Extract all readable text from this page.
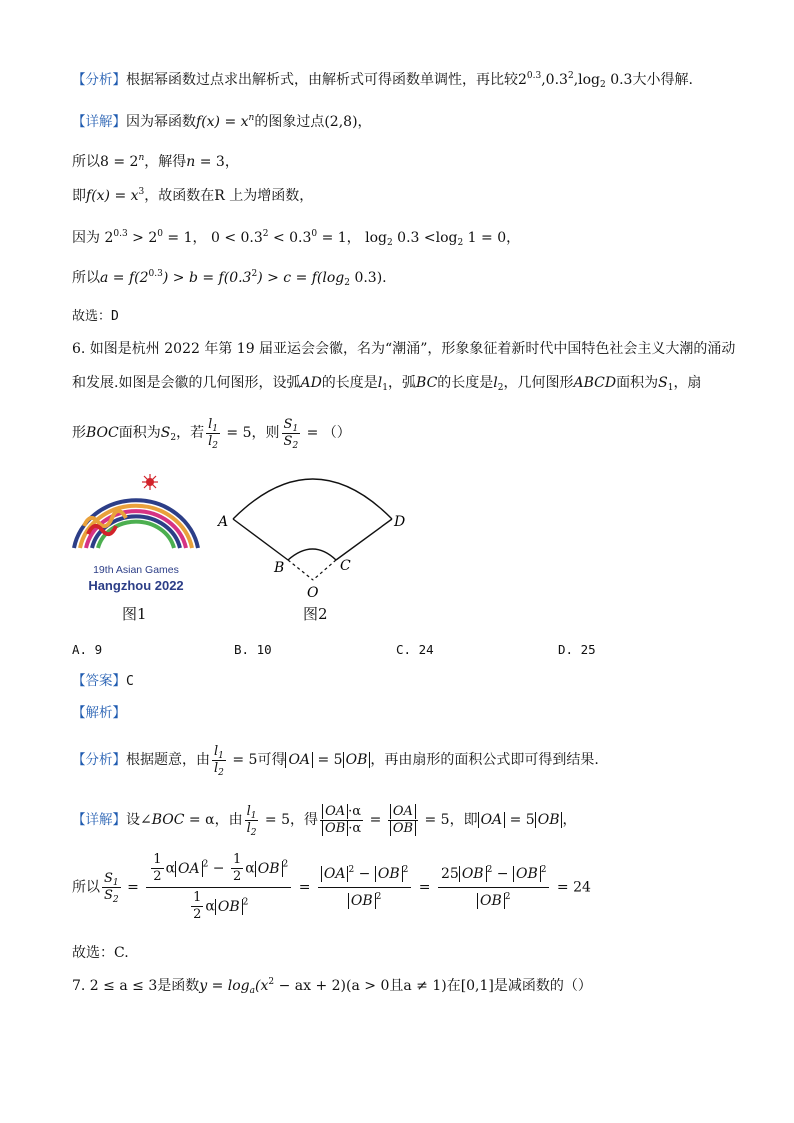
【分析】根据幂函数过点求出解析式，由解析式可得函数单调性，再比较$2^{0.3},0.3^2,\log_2$ 0.3大小得解.
【详解】因为幂函数$f(x) = x^n$的图象过点(2,8)，
所以$8 = 2^n$，解得n = 3，
即$f(x) = x^3$，故函数在R 上为增函数，
因为 $2^{0.3} > 2^0 = 1$， $0 < 0.3^2 < 0.3^0 = 1$， $\log_2 0.3 <\log_2$ 1 = 0，
所以$a = f(2^{0.3}) > b = f(0.3^2) > c = f(\log_2$ 0.3).
故选：D
6. 如图是杭州 2022 年第 19 届亚运会会徽，名为“潮涌”，形象象征着新时代中国特色社会主义大潮的涌动
和发展.如图是会徽的几何图形，设弧AD的长度是$l_1$，弧BC的长度是$l_2$，几何图形ABCD面积为$S_1$，扇
形BOC面积为$S_2$，若 $\frac{l_1}{l_2} = 5$，则 $\frac{S_1}{S_2}$ = （）
19th Asian Games
Hangzhou 2022
图1
A	D
B	C
O
图2
A. 9	B. 10	C. 24	D. 25
【答案】C
【解析】
【分析】根据题意，由 $\frac{l_1}{l_2} = 5$可得 OA = 5 OB ，再由扇形的面积公式即可得到结果.
【详解】设∠BOC = α，由 $\frac{l_1}{l_2} = 5$，得 $\frac{OA \cdot\alpha}{OB \cdot\alpha} = \frac{OA}{OB} = 5$，即 OA = 5 OB ，
所以 $\frac{S_1}{S_2} = \frac{\frac{1}{2} \alpha OA ^2 - \frac{1}{2} \alpha OB ^2}{\frac{1}{2} \alpha OB ^2} = \frac{OA ^2 - OB ^2}{OB ^2} = \frac{25 OB ^2 - OB ^2}{OB ^2} = 24$
故选：C.
7. 2 ≤ a ≤ 3是函数$y = \log_a(x^2$ − ax + 2)(a > 0且a ≠ 1)在[0,1]是减函数的（）
